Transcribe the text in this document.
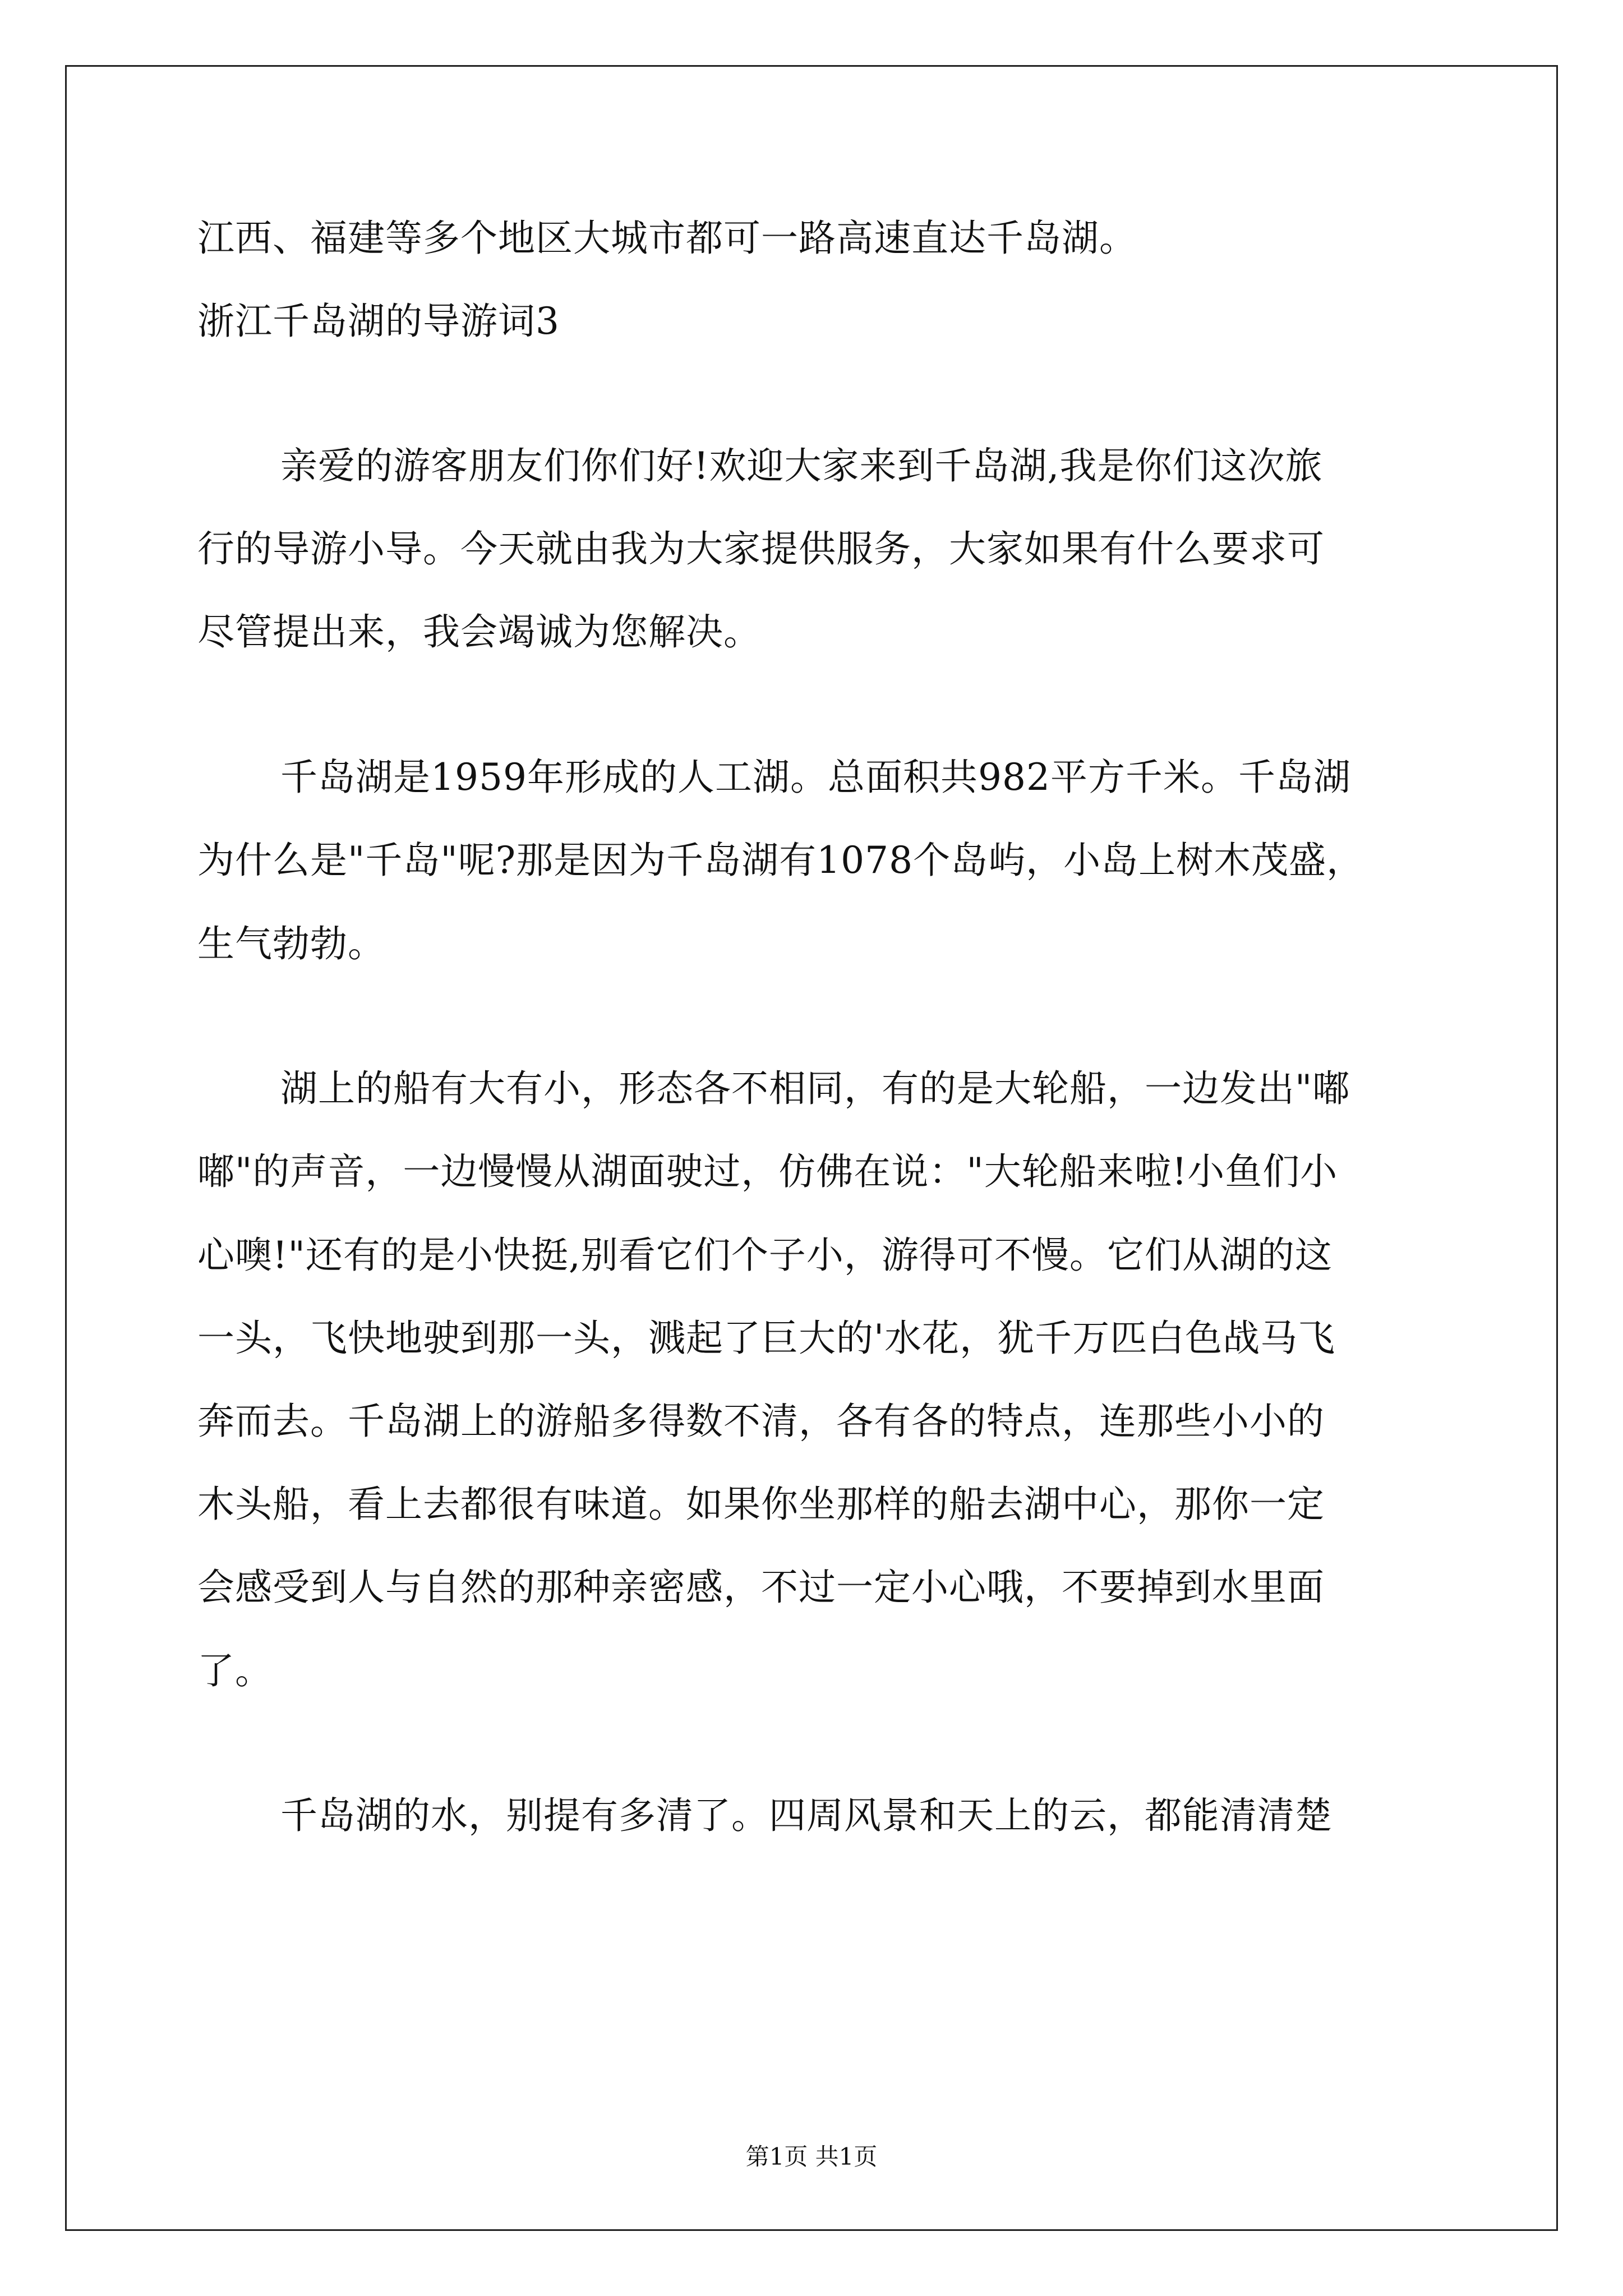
江西、福建等多个地区大城市都可一路高速直达千岛湖。
浙江千岛湖的导游词3
亲爱的游客朋友们你们好!欢迎大家来到千岛湖,我是你们这次旅
行的导游小导。今天就由我为大家提供服务，大家如果有什么要求可
尽管提出来，我会竭诚为您解决。
千岛湖是1959年形成的人工湖。总面积共982平方千米。千岛湖
为什么是"千岛"呢?那是因为千岛湖有1078个岛屿，小岛上树木茂盛，
生气勃勃。
湖上的船有大有小，形态各不相同，有的是大轮船，一边发出"嘟
嘟"的声音，一边慢慢从湖面驶过，仿佛在说："大轮船来啦!小鱼们小
心噢!"还有的是小快挺,别看它们个子小，游得可不慢。它们从湖的这
一头，飞快地驶到那一头，溅起了巨大的'水花，犹千万匹白色战马飞
奔而去。千岛湖上的游船多得数不清，各有各的特点，连那些小小的
木头船，看上去都很有味道。如果你坐那样的船去湖中心，那你一定
会感受到人与自然的那种亲密感，不过一定小心哦，不要掉到水里面
了。
千岛湖的水，别提有多清了。四周风景和天上的云，都能清清楚
第1页 共1页
